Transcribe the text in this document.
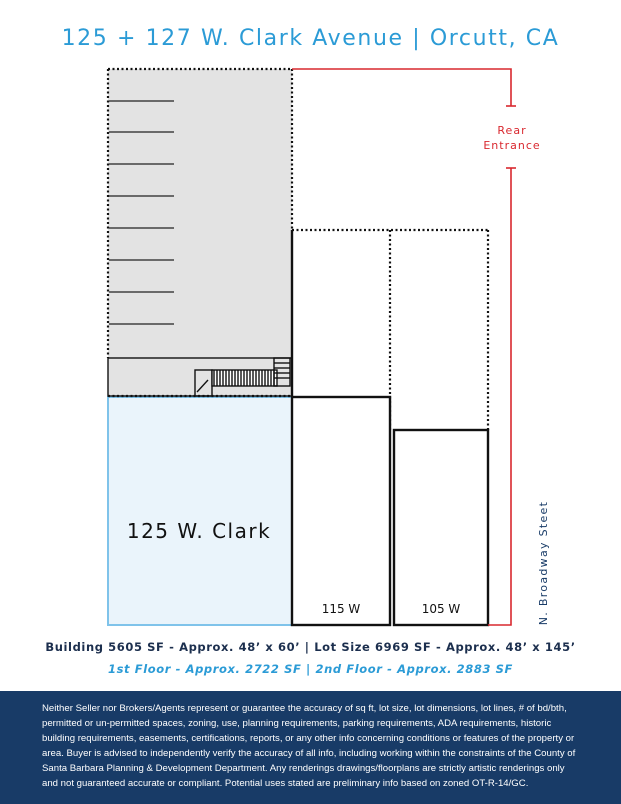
125 + 127 W. Clark Avenue | Orcutt, CA
125 W. Clark
115 W	105 W
Rear
Entrance
N. Broadway Steet
Building 5605 SF - Approx. 48’ x 60’ | Lot Size 6969 SF - Approx. 48’ x 145’
1st Floor - Approx. 2722 SF | 2nd Floor - Approx. 2883 SF

Neither Seller nor Brokers/Agents represent or guarantee the accuracy of sq ft, lot size, lot dimensions, lot lines, # of bd/bth, permitted or un-permitted spaces, zoning, use, planning requirements, parking requirements, ADA requirements, historic building requirements, easements, certifications, reports, or any other info concerning conditions or features of the property or area. Buyer is advised to independently verify the accuracy of all info, including working within the constraints of the County of Santa Barbara Planning & Development Department. Any renderings drawings/floorplans are strictly artistic renderings only and not guaranteed accurate or compliant. Potential uses stated are preliminary info based on zoned OT-R-14/GC.
